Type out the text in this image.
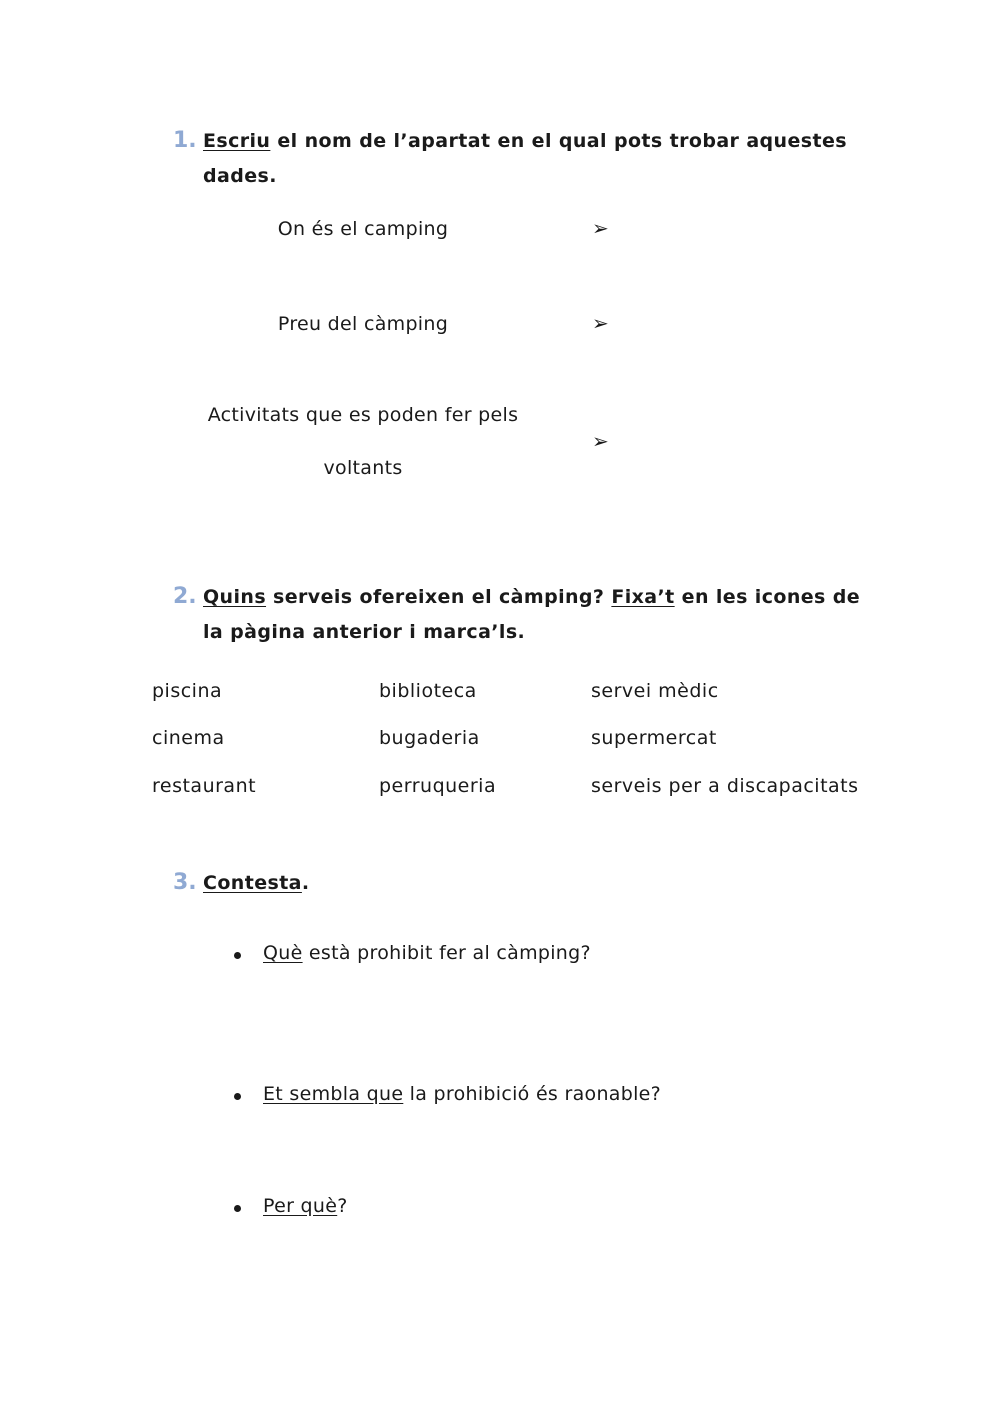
1. Escriu el nom de l’apartat en el qual pots trobar aquestes
dades.
On és el camping	➢
Preu del càmping	➢
Activitats que es poden fer pels
voltants
➢
2. Quins serveis ofereixen el càmping? Fixa’t en les icones de
la pàgina anterior i marca’ls.
piscina	biblioteca	servei mèdic
cinema	bugaderia	supermercat
restaurant	perruqueria	serveis per a discapacitats
3. Contesta.
Què està prohibit fer al càmping?
Et sembla que la prohibició és raonable?
Per què?
